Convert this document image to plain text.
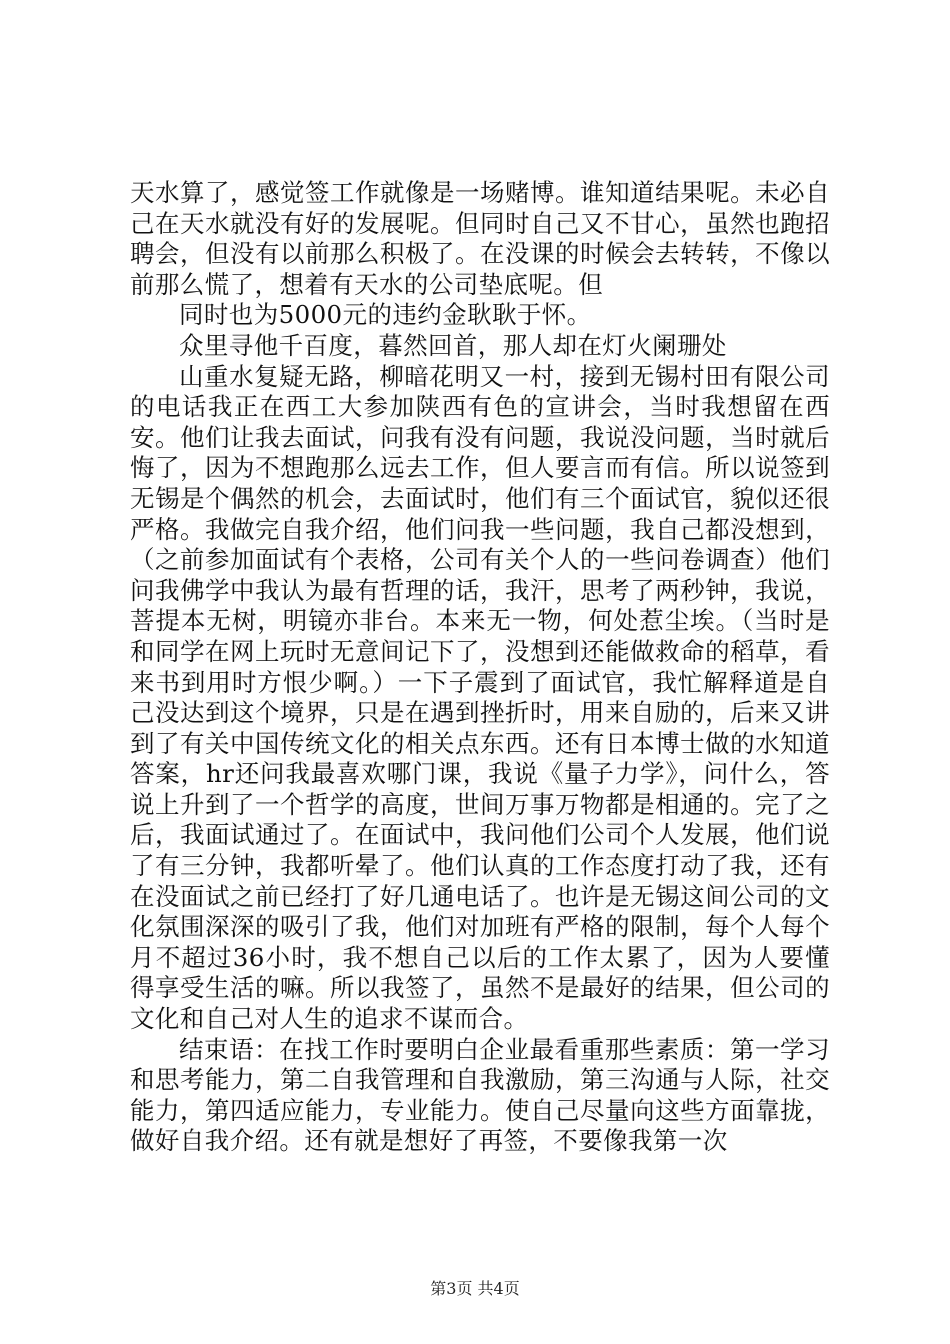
天水算了，感觉签工作就像是一场赌博。谁知道结果呢。未必自己在天水就没有好的发展呢。但同时自己又不甘心，虽然也跑招聘会，但没有以前那么积极了。在没课的时候会去转转，不像以前那么慌了，想着有天水的公司垫底呢。但

同时也为5000元的违约金耿耿于怀。

众里寻他千百度，暮然回首，那人却在灯火阑珊处

山重水复疑无路，柳暗花明又一村，接到无锡村田有限公司的电话我正在西工大参加陕西有色的宣讲会，当时我想留在西安。他们让我去面试，问我有没有问题，我说没问题，当时就后悔了，因为不想跑那么远去工作，但人要言而有信。所以说签到无锡是个偶然的机会，去面试时，他们有三个面试官，貌似还很严格。我做完自我介绍，他们问我一些问题，我自己都没想到，（之前参加面试有个表格，公司有关个人的一些问卷调查）他们问我佛学中我认为最有哲理的话，我汗，思考了两秒钟，我说，菩提本无树，明镜亦非台。本来无一物，何处惹尘埃。（当时是和同学在网上玩时无意间记下了，没想到还能做救命的稻草，看来书到用时方恨少啊。）一下子震到了面试官，我忙解释道是自己没达到这个境界，只是在遇到挫折时，用来自励的，后来又讲到了有关中国传统文化的相关点东西。还有日本博士做的水知道答案，hr还问我最喜欢哪门课，我说《量子力学》，问什么，答说上升到了一个哲学的高度，世间万事万物都是相通的。完了之后，我面试通过了。在面试中，我问他们公司个人发展，他们说了有三分钟，我都听晕了。他们认真的工作态度打动了我，还有在没面试之前已经打了好几通电话了。也许是无锡这间公司的文化氛围深深的吸引了我，他们对加班有严格的限制，每个人每个月不超过36小时，我不想自己以后的工作太累了，因为人要懂得享受生活的嘛。所以我签了，虽然不是最好的结果，但公司的文化和自己对人生的追求不谋而合。

结束语：在找工作时要明白企业最看重那些素质：第一学习和思考能力，第二自我管理和自我激励，第三沟通与人际，社交能力，第四适应能力，专业能力。使自己尽量向这些方面靠拢，做好自我介绍。还有就是想好了再签，不要像我第一次

第3页 共4页
